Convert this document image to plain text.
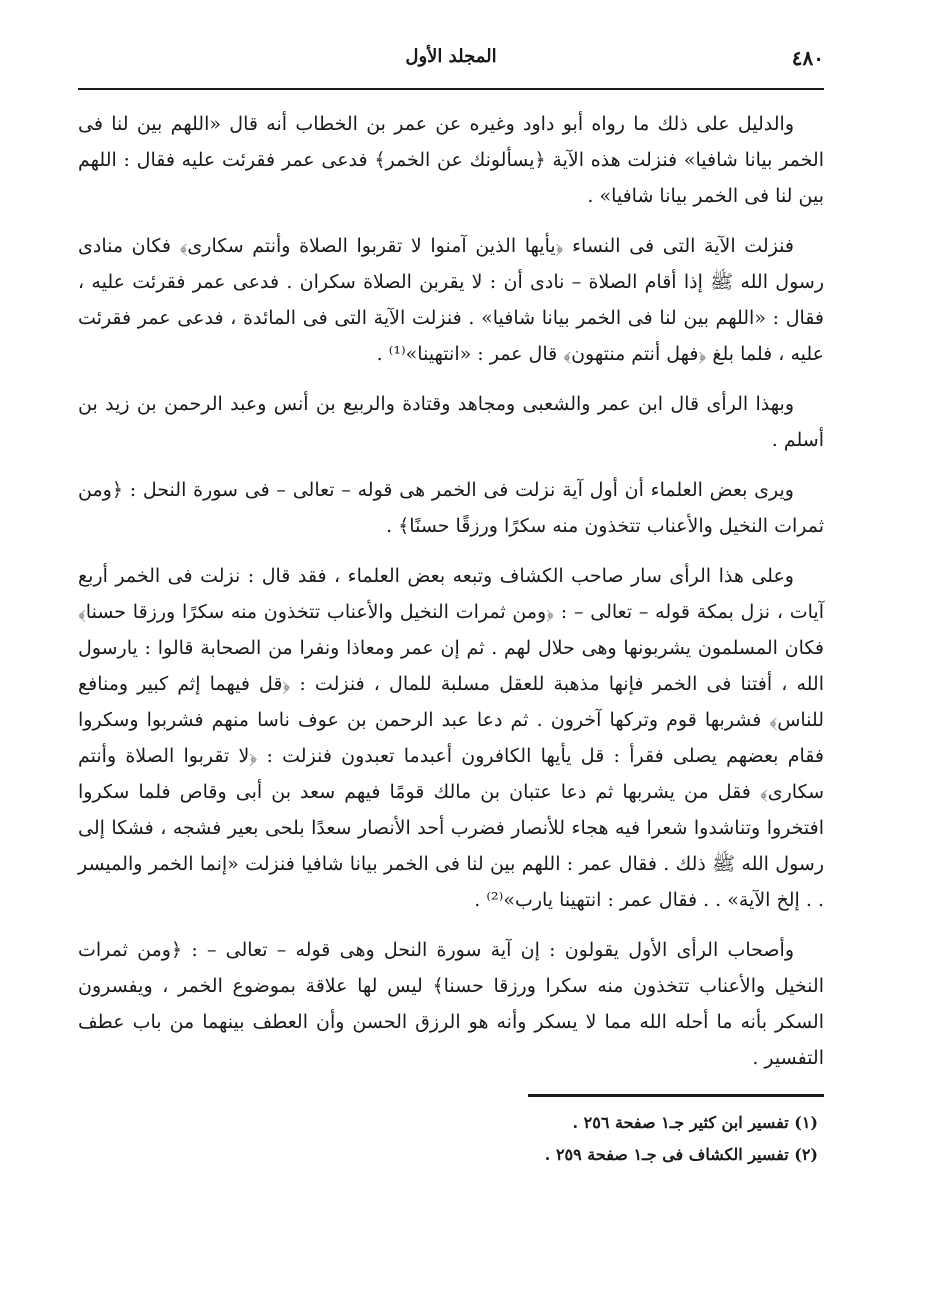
٤٨٠
المجلد الأول

والدليل على ذلك ما رواه أبو داود وغيره عن عمر بن الخطاب أنه قال «اللهم بين لنا فى الخمر بيانا شافيا» فنزلت هذه الآية ﴿يسألونك عن الخمر﴾ فدعى عمر فقرئت عليه فقال : اللهم بين لنا فى الخمر بيانا شافيا» .

فنزلت الآية التى فى النساء ﴿يأيها الذين آمنوا لا تقربوا الصلاة وأنتم سكارى﴾ فكان منادى رسول الله ﷺ إذا أقام الصلاة – نادى أن : لا يقربن الصلاة سكران . فدعى عمر فقرئت عليه ، فقال : «اللهم بين لنا فى الخمر بيانا شافيا» . فنزلت الآية التى فى المائدة ، فدعى عمر فقرئت عليه ، فلما بلغ ﴿فهل أنتم منتهون﴾ قال عمر : «انتهينا»⁽¹⁾ .

وبهذا الرأى قال ابن عمر والشعبى ومجاهد وقتادة والربيع بن أنس وعبد الرحمن بن زيد بن أسلم .

ويرى بعض العلماء أن أول آية نزلت فى الخمر هى قوله – تعالى – فى سورة النحل : ﴿ومن ثمرات النخيل والأعناب تتخذون منه سكرًا ورزقًا حسنًا﴾ .

وعلى هذا الرأى سار صاحب الكشاف وتبعه بعض العلماء ، فقد قال : نزلت فى الخمر أربع آيات ، نزل بمكة قوله – تعالى – : ﴿ومن ثمرات النخيل والأعناب تتخذون منه سكرًا ورزقا حسنا﴾ فكان المسلمون يشربونها وهى حلال لهم . ثم إن عمر ومعاذا ونفرا من الصحابة قالوا : يارسول الله ، أفتنا فى الخمر فإنها مذهبة للعقل مسلبة للمال ، فنزلت : ﴿قل فيهما إثم كبير ومنافع للناس﴾ فشربها قوم وتركها آخرون . ثم دعا عبد الرحمن بن عوف ناسا منهم فشربوا وسكروا فقام بعضهم يصلى فقرأ : قل يأيها الكافرون أعبدما تعبدون فنزلت : ﴿لا تقربوا الصلاة وأنتم سكارى﴾ فقل من يشربها ثم دعا عتبان بن مالك قومًا فيهم سعد بن أبى وقاص فلما سكروا افتخروا وتناشدوا شعرا فيه هجاء للأنصار فضرب أحد الأنصار سعدًا بلحى بعير فشجه ، فشكا إلى رسول الله ﷺ ذلك . فقال عمر : اللهم بين لنا فى الخمر بيانا شافيا فنزلت «إنما الخمر والميسر . . إلخ الآية» . . فقال عمر : انتهينا يارب»⁽²⁾ .

وأصحاب الرأى الأول يقولون : إن آية سورة النحل وهى قوله – تعالى – : ﴿ومن ثمرات النخيل والأعناب تتخذون منه سكرا ورزقا حسنا﴾ ليس لها علاقة بموضوع الخمر ، ويفسرون السكر بأنه ما أحله الله مما لا يسكر وأنه هو الرزق الحسن وأن العطف بينهما من باب عطف التفسير .

(١) تفسير ابن كثير جـ١ صفحة ٢٥٦ .
(٢) تفسير الكشاف فى جـ١ صفحة ٢٥٩ .
